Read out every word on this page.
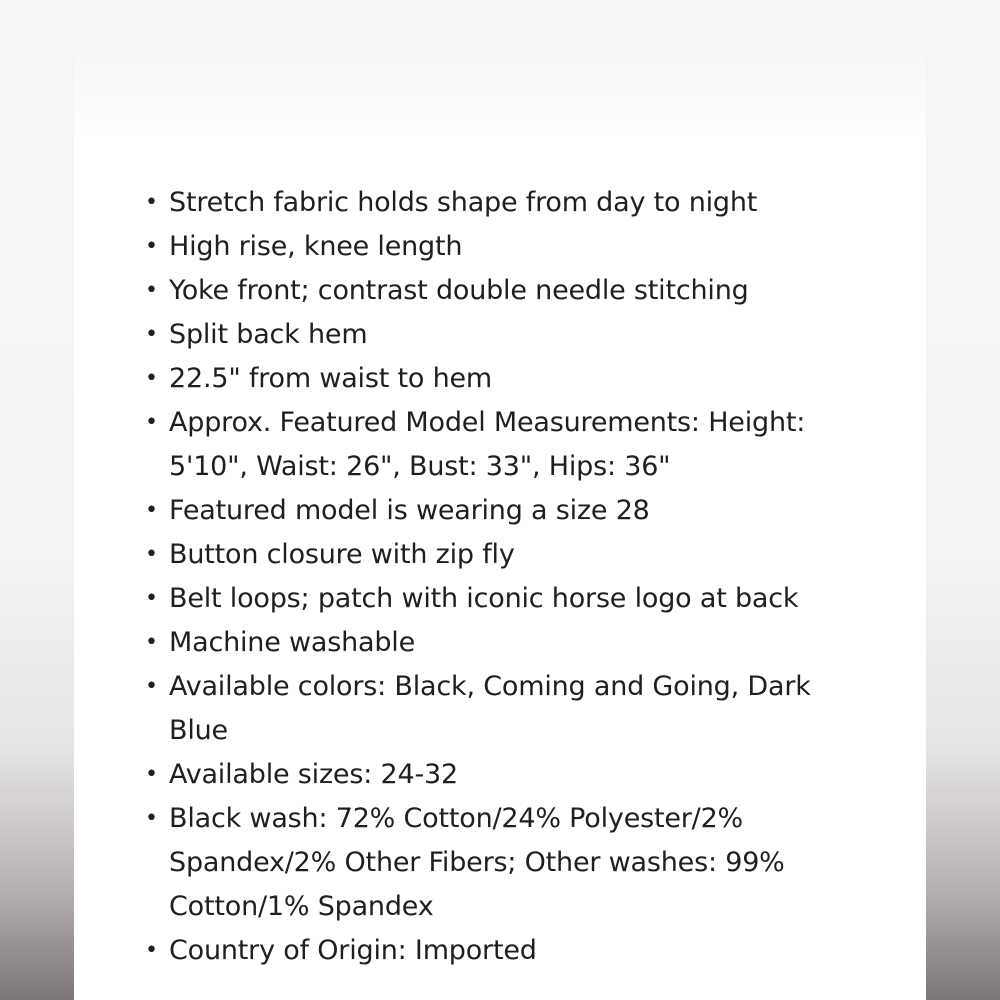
• Stretch fabric holds shape from day to night
• High rise, knee length
• Yoke front; contrast double needle stitching
• Split back hem
• 22.5" from waist to hem
• Approx. Featured Model Measurements: Height: 5'10", Waist: 26", Bust: 33", Hips: 36"
• Featured model is wearing a size 28
• Button closure with zip fly
• Belt loops; patch with iconic horse logo at back
• Machine washable
• Available colors: Black, Coming and Going, Dark Blue
• Available sizes: 24-32
• Black wash: 72% Cotton/24% Polyester/2% Spandex/2% Other Fibers; Other washes: 99% Cotton/1% Spandex
• Country of Origin: Imported
